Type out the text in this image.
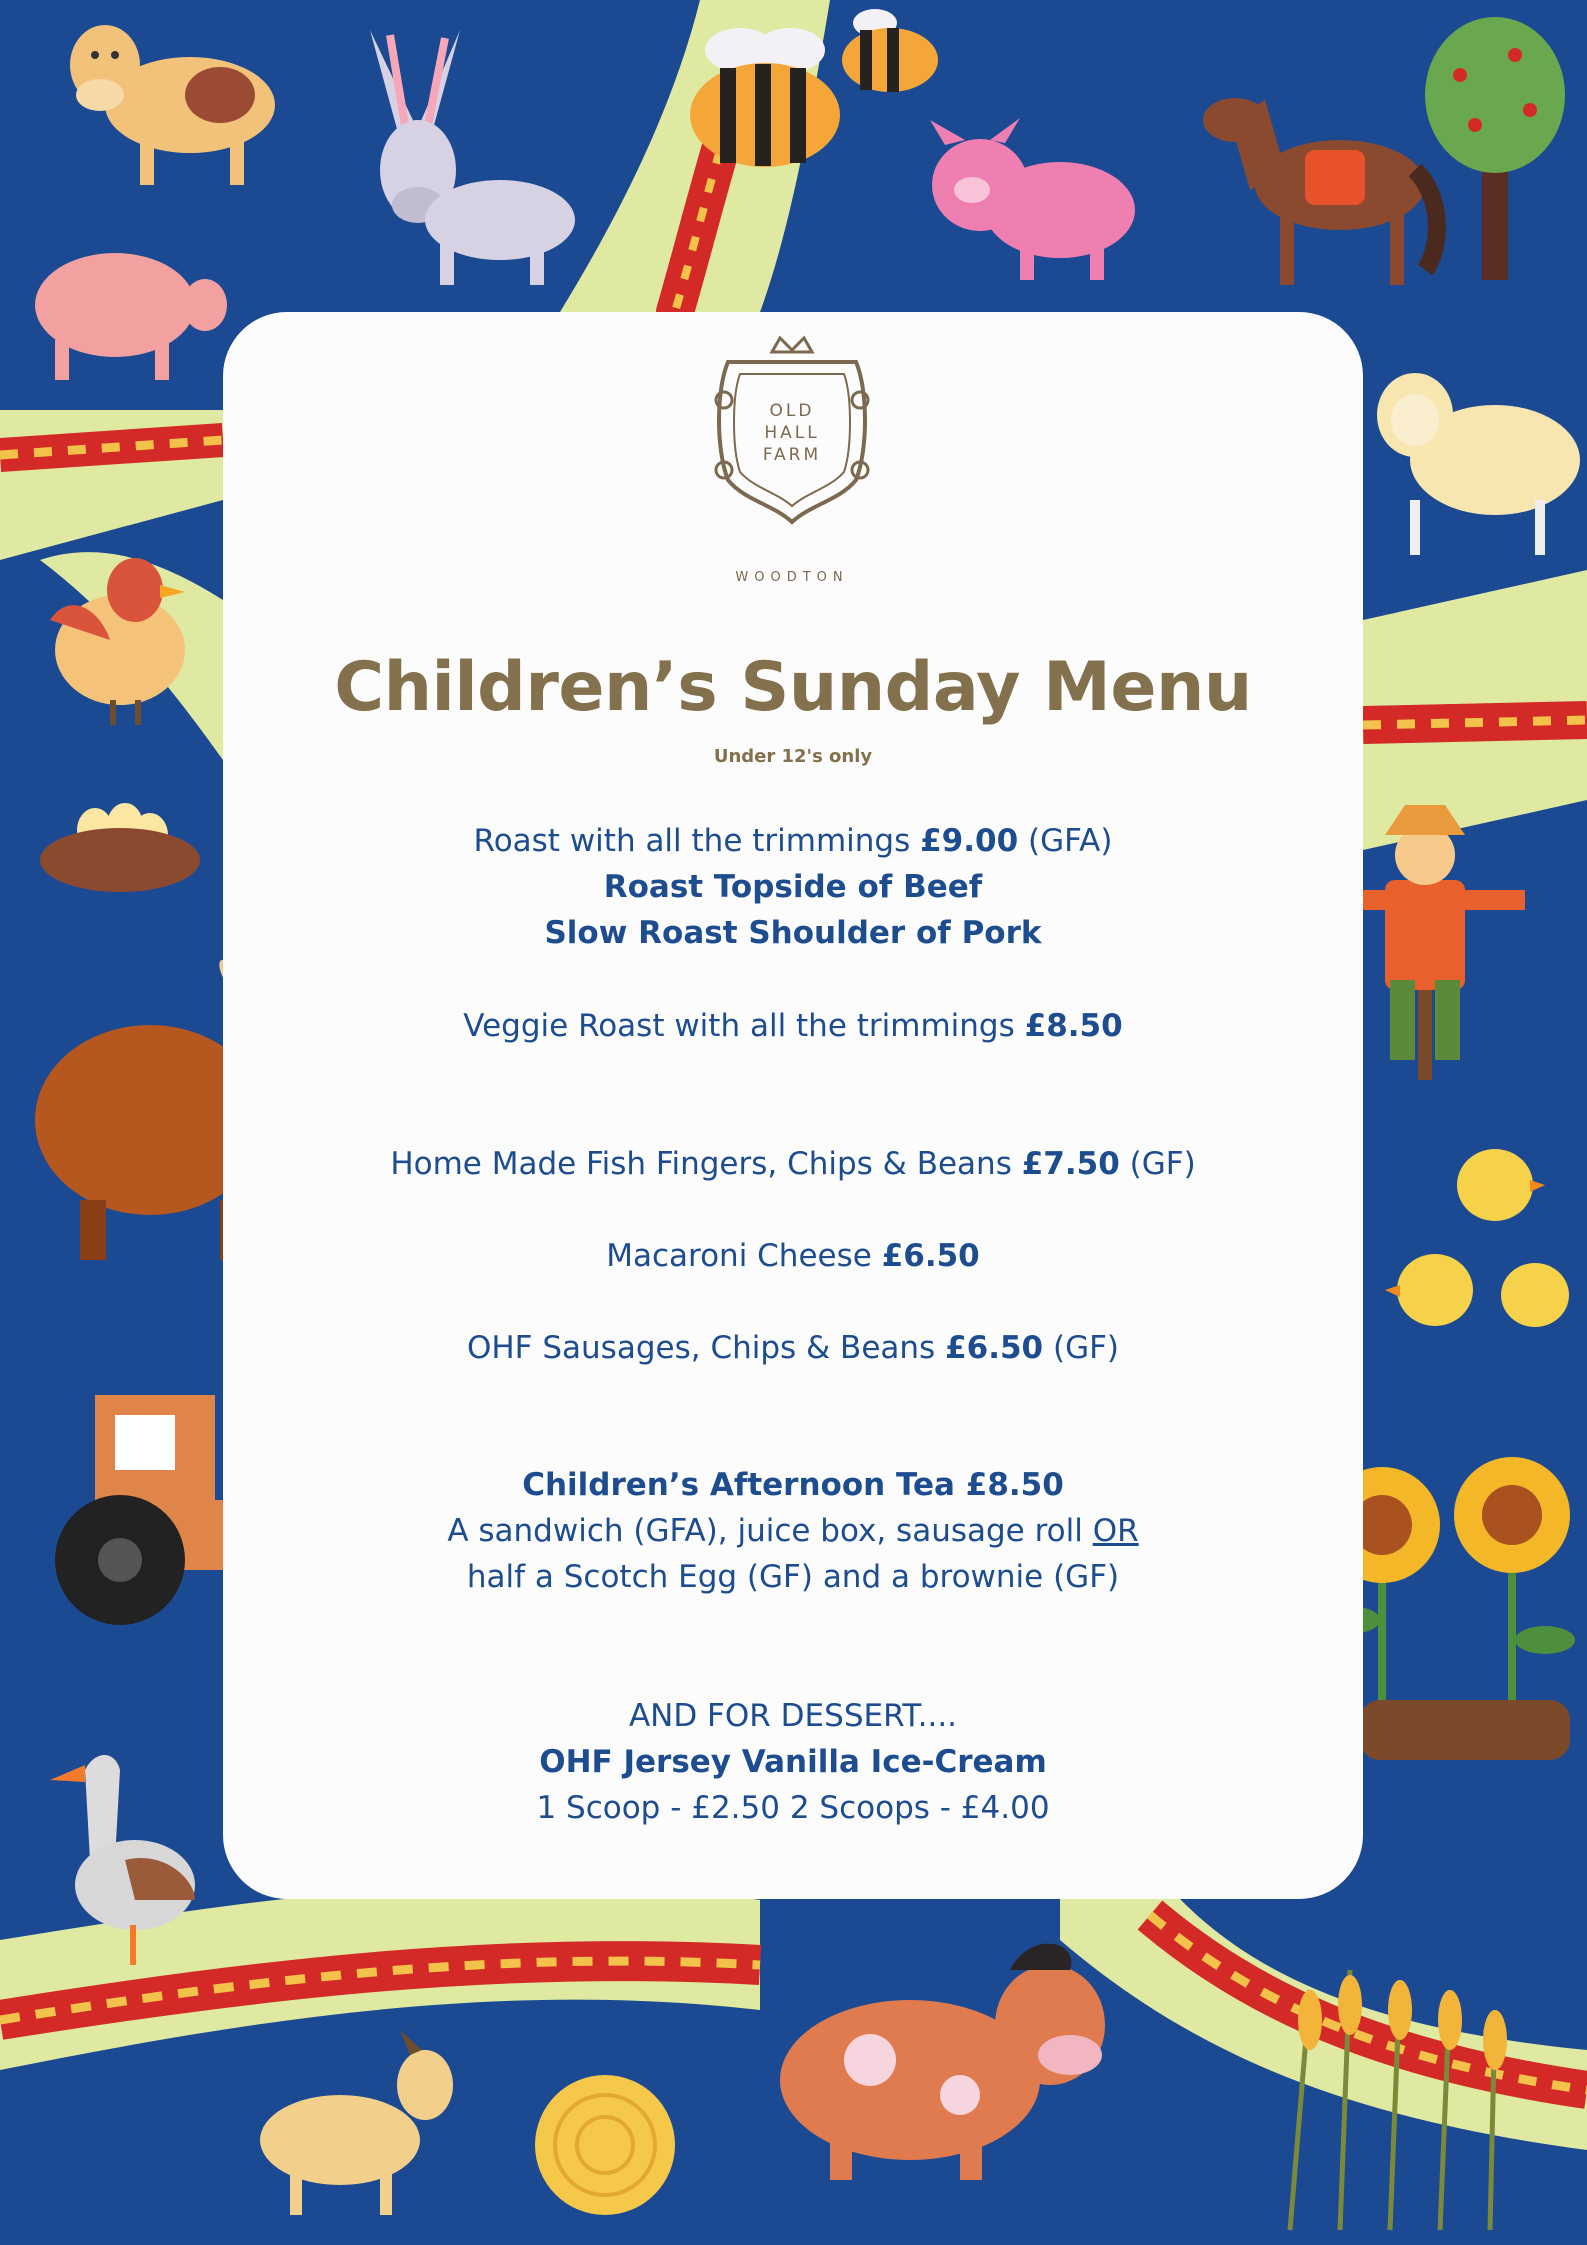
OLD
HALL
FARM
WOODTON
Children’s Sunday Menu
Under 12's only
Roast with all the trimmings £9.00 (GFA)
Roast Topside of Beef
Slow Roast Shoulder of Pork
Veggie Roast with all the trimmings £8.50
Home Made Fish Fingers, Chips & Beans £7.50 (GF)
Macaroni Cheese £6.50
OHF Sausages, Chips & Beans £6.50 (GF)
Children’s Afternoon Tea £8.50
A sandwich (GFA), juice box, sausage roll OR
half a Scotch Egg (GF) and a brownie (GF)
AND FOR DESSERT....
OHF Jersey Vanilla Ice-Cream
1 Scoop - £2.50 2 Scoops - £4.00
